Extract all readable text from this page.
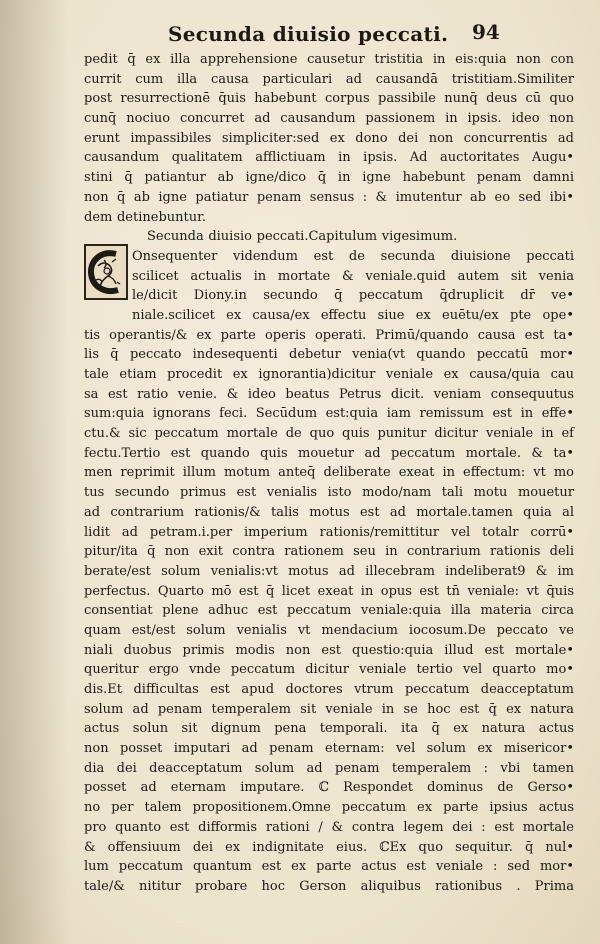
Secunda diuisio peccati. 94
pedit q̄ ex illa apprehensione causetur tristitia in eis:quia non con
currit cum illa causa particulari ad causandā tristitiam.Similiter
post resurrectionē q̄uis habebunt corpus passibile nunq̄ deus cū quo
cunq̄ nociuo concurret ad causandum passionem in ipsis. ideo non
erunt impassibiles simpliciter:sed ex dono dei non concurrentis ad
causandum qualitatem afflictiuam in ipsis. Ad auctoritates Augu•
stini q̄ patiantur ab igne/dico q̄ in igne habebunt penam damni
non q̄ ab igne patiatur penam sensus : & imutentur ab eo sed ibi•
dem detinebuntur.
Secunda diuisio peccati.Capitulum vigesimum.
Onsequenter videndum est de secunda diuisione peccati
scilicet actualis in mortate & veniale.quid autem sit venia
le/dicit Diony.in secundo q̄ peccatum q̄druplicit dr̄ ve•
niale.scilicet ex causa/ex effectu siue ex euētu/ex pte ope•
tis operantis/& ex parte operis operati. Primū/quando causa est ta•
lis q̄ peccato indesequenti debetur venia(vt quando peccatū mor•
tale etiam procedit ex ignorantia)dicitur veniale ex causa/quia cau
sa est ratio venie. & ideo beatus Petrus dicit. veniam consequutus
sum:quia ignorans feci. Secūdum est:quia iam remissum est in effe•
ctu.& sic peccatum mortale de quo quis punitur dicitur veniale in ef
fectu.Tertio est quando quis mouetur ad peccatum mortale. & ta•
men reprimit illum motum anteq̄ deliberate exeat in effectum: vt mo
tus secundo primus est venialis isto modo/nam tali motu mouetur
ad contrarium rationis/& talis motus est ad mortale.tamen quia al
lidit ad petram.i.per imperium rationis/remittitur vel totalr corrū•
pitur/ita q̄ non exit contra rationem seu in contrarium rationis deli
berate/est solum venialis:vt motus ad illecebram indeliberat9 & im
perfectus. Quarto mō est q̄ licet exeat in opus est tn̄ veniale: vt q̄uis
consentiat plene adhuc est peccatum veniale:quia illa materia circa
quam est/est solum venialis vt mendacium iocosum.De peccato ve
niali duobus primis modis non est questio:quia illud est mortale•
queritur ergo vnde peccatum dicitur veniale tertio vel quarto mo•
dis.Et difficultas est apud doctores vtrum peccatum deacceptatum
solum ad penam temperalem sit veniale in se hoc est q̄ ex natura
actus solun sit dignum pena temporali. ita q̄ ex natura actus
non posset imputari ad penam eternam: vel solum ex misericor•
dia dei deacceptatum solum ad penam temperalem : vbi tamen
posset ad eternam imputare. ℂ Respondet dominus de Gerso•
no per talem propositionem.Omne peccatum ex parte ipsius actus
pro quanto est difformis rationi / & contra legem dei : est mortale
& offensiuum dei ex indignitate eius. ℂEx quo sequitur. q̄ nul•
lum peccatum quantum est ex parte actus est veniale : sed mor•
tale/& nititur probare hoc Gerson aliquibus rationibus . Prima
